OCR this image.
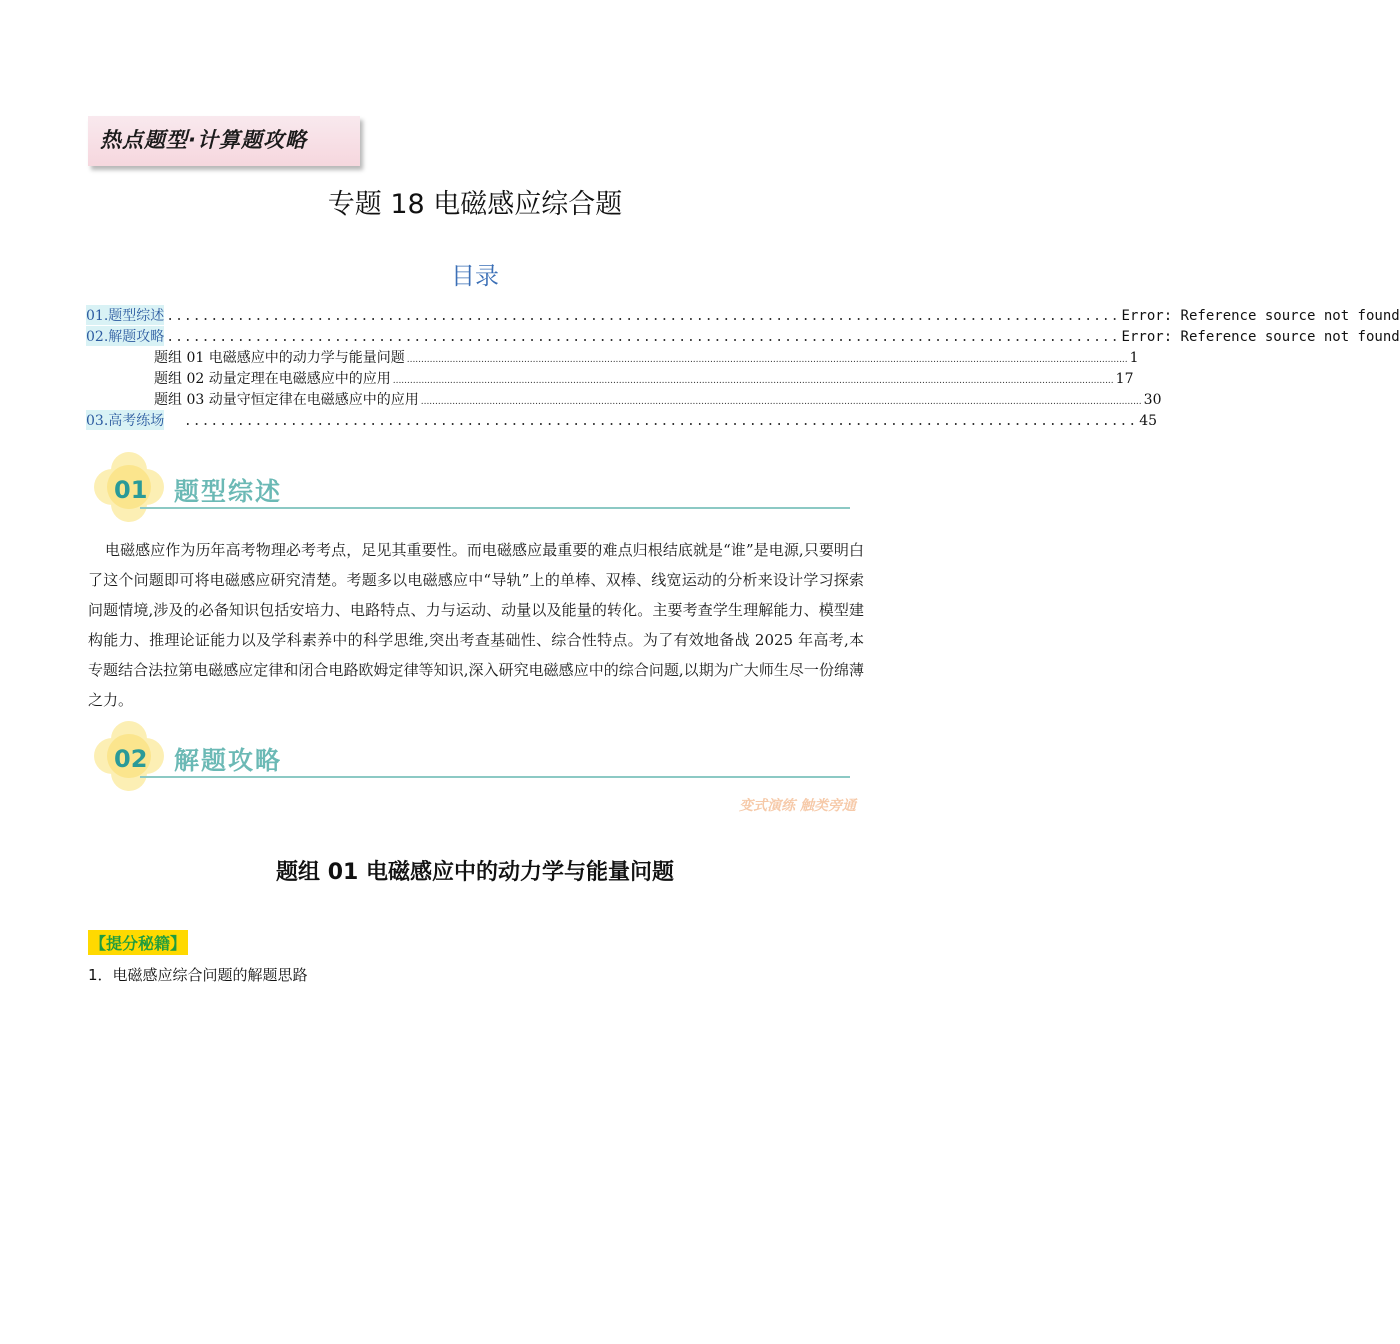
热点题型·计算题攻略
专题 18 电磁感应综合题
目录
01.题型综述 ............................................................................................................ Error: Reference source not found
02.解题攻略 ............................................................................................................ Error: Reference source not found
题组 01 电磁感应中的动力学与能量问题 ............................................................................................................................................................................................................................................................ 1
题组 02 动量定理在电磁感应中的应用 ............................................................................................................................................................................................................................................................ 17
题组 03 动量守恒定律在电磁感应中的应用 ............................................................................................................................................................................................................................................................ 30
03.高考练场 ............................................................................................................ 45
01 题型综述
电磁感应作为历年高考物理必考考点，足见其重要性。而电磁感应最重要的难点归根结底就是“谁”是电源,只要明白了这个问题即可将电磁感应研究清楚。考题多以电磁感应中“导轨”上的单棒、双棒、线宽运动的分析来设计学习探索问题情境,涉及的必备知识包括安培力、电路特点、力与运动、动量以及能量的转化。主要考查学生理解能力、模型建构能力、推理论证能力以及学科素养中的科学思维,突出考查基础性、综合性特点。为了有效地备战 2025 年高考,本专题结合法拉第电磁感应定律和闭合电路欧姆定律等知识,深入研究电磁感应中的综合问题,以期为广大师生尽一份绵薄之力。
02 解题攻略
变式演练 触类旁通
题组 01 电磁感应中的动力学与能量问题
【提分秘籍】
1．电磁感应综合问题的解题思路
